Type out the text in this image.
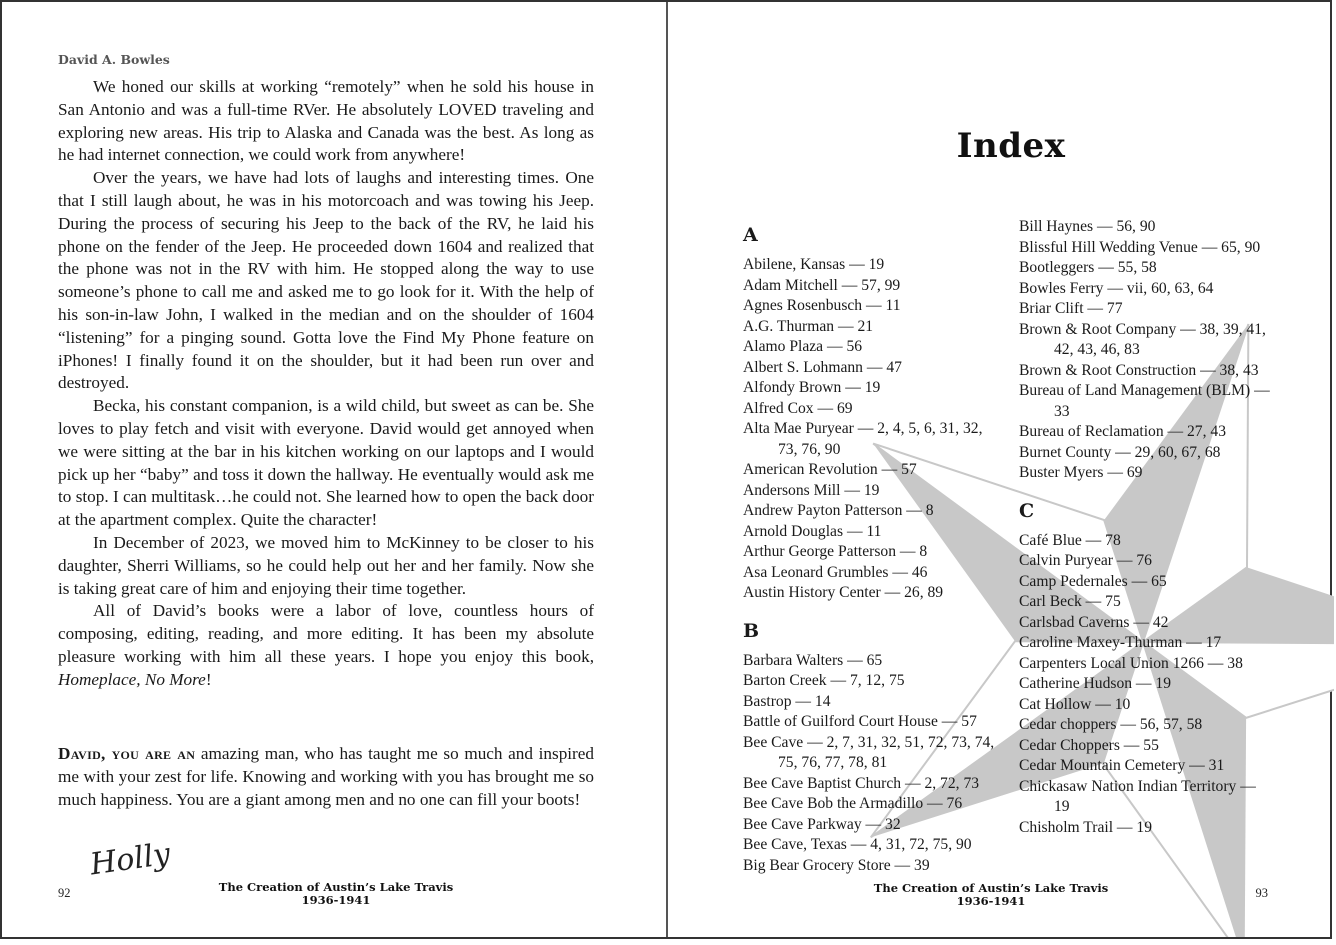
David A. Bowles

We honed our skills at working “remotely” when he sold his house in San Antonio and was a full-time RVer. He absolutely LOVED traveling and exploring new areas. His trip to Alaska and Canada was the best. As long as he had internet connection, we could work from anywhere!

Over the years, we have had lots of laughs and interesting times. One that I still laugh about, he was in his motorcoach and was towing his Jeep. During the process of securing his Jeep to the back of the RV, he laid his phone on the fender of the Jeep. He proceeded down 1604 and realized that the phone was not in the RV with him. He stopped along the way to use someone’s phone to call me and asked me to go look for it. With the help of his son-in-law John, I walked in the median and on the shoulder of 1604 “listening” for a pinging sound. Gotta love the Find My Phone feature on iPhones! I finally found it on the shoulder, but it had been run over and destroyed.

Becka, his constant companion, is a wild child, but sweet as can be. She loves to play fetch and visit with everyone. David would get annoyed when we were sitting at the bar in his kitchen working on our laptops and I would pick up her “baby” and toss it down the hallway. He eventually would ask me to stop. I can multitask…he could not. She learned how to open the back door at the apartment complex. Quite the character!

In December of 2023, we moved him to McKinney to be closer to his daughter, Sherri Williams, so he could help out her and her family. Now she is taking great care of him and enjoying their time together.

All of David’s books were a labor of love, countless hours of composing, editing, reading, and more editing. It has been my absolute pleasure working with him all these years. I hope you enjoy this book, Homeplace, No More!

David, you are an amazing man, who has taught me so much and inspired me with your zest for life. Knowing and working with you has brought me so much happiness. You are a giant among men and no one can fill your boots!

Holly
92	The Creation of Austin’s Lake Travis
1936-1941
Index
A
Abilene, Kansas — 19
Adam Mitchell — 57, 99
Agnes Rosenbusch — 11
A.G. Thurman — 21
Alamo Plaza — 56
Albert S. Lohmann — 47
Alfondy Brown — 19
Alfred Cox — 69
Alta Mae Puryear — 2, 4, 5, 6, 31, 32, 73, 76, 90
American Revolution — 57
Andersons Mill — 19
Andrew Payton Patterson — 8
Arnold Douglas — 11
Arthur George Patterson — 8
Asa Leonard Grumbles — 46
Austin History Center — 26, 89
B
Barbara Walters — 65
Barton Creek — 7, 12, 75
Bastrop — 14
Battle of Guilford Court House — 57
Bee Cave — 2, 7, 31, 32, 51, 72, 73, 74, 75, 76, 77, 78, 81
Bee Cave Baptist Church — 2, 72, 73
Bee Cave Bob the Armadillo — 76
Bee Cave Parkway — 32
Bee Cave, Texas — 4, 31, 72, 75, 90
Big Bear Grocery Store — 39
Bill Haynes — 56, 90
Blissful Hill Wedding Venue — 65, 90
Bootleggers — 55, 58
Bowles Ferry — vii, 60, 63, 64
Briar Clift — 77
Brown & Root Company — 38, 39, 41, 42, 43, 46, 83
Brown & Root Construction — 38, 43
Bureau of Land Management (BLM) — 33
Bureau of Reclamation — 27, 43
Burnet County — 29, 60, 67, 68
Buster Myers — 69
C
Café Blue — 78
Calvin Puryear — 76
Camp Pedernales — 65
Carl Beck — 75
Carlsbad Caverns — 42
Caroline Maxey-Thurman — 17
Carpenters Local Union 1266 — 38
Catherine Hudson — 19
Cat Hollow — 10
Cedar choppers — 56, 57, 58
Cedar Choppers — 55
Cedar Mountain Cemetery — 31
Chickasaw Nation Indian Territory — 19
Chisholm Trail — 19
The Creation of Austin’s Lake Travis
1936-1941
93
